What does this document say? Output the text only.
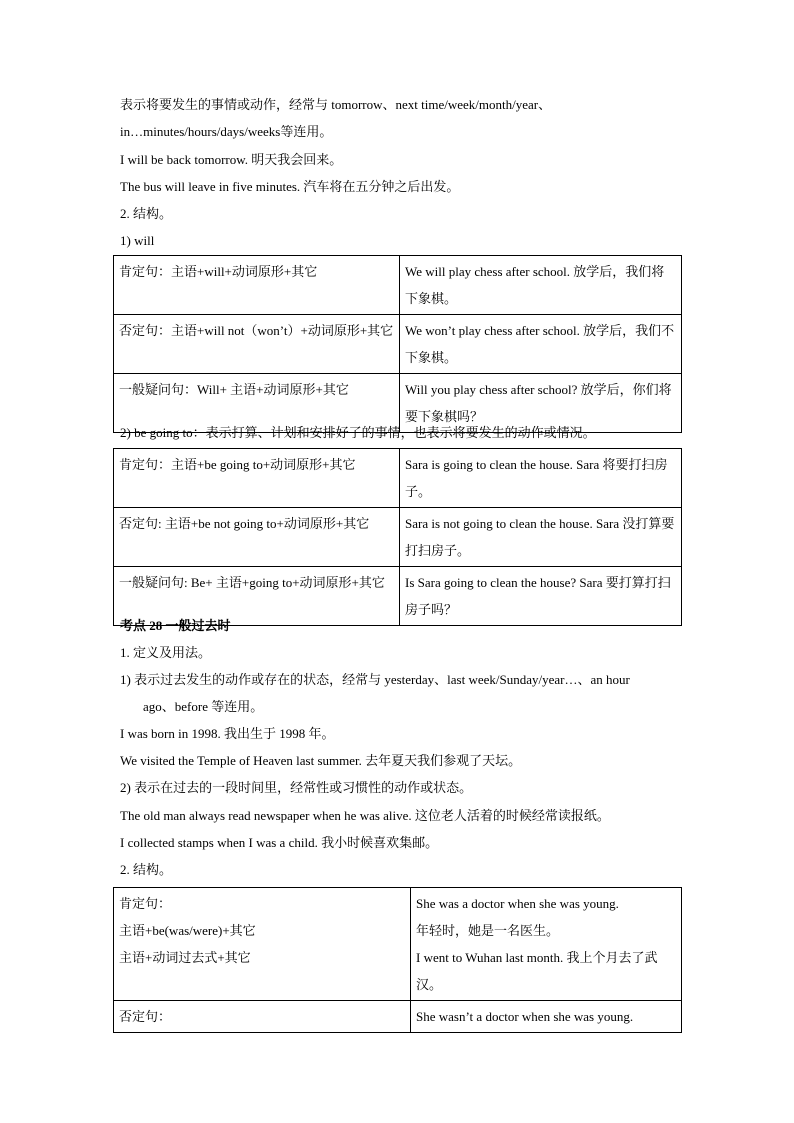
表示将要发生的事情或动作，经常与 tomorrow、next time/week/month/year、
in…minutes/hours/days/weeks等连用。
I will be back tomorrow. 明天我会回来。
The bus will leave in five minutes. 汽车将在五分钟之后出发。
2. 结构。
1) will
肯定句：主语+will+动词原形+其它	We will play chess after school. 放学后，我们将下象棋。
否定句：主语+will not（won’t）+动词原形+其它	We won’t play chess after school. 放学后，我们不下象棋。
一般疑问句：Will+ 主语+动词原形+其它	Will you play chess after school? 放学后，你们将要下象棋吗？
2) be going to：表示打算、计划和安排好了的事情，也表示将要发生的动作或情况。
肯定句：主语+be going to+动词原形+其它	Sara is going to clean the house. Sara 将要打扫房子。
否定句: 主语+be not going to+动词原形+其它	Sara is not going to clean the house. Sara 没打算要打扫房子。
一般疑问句: Be+ 主语+going to+动词原形+其它	Is Sara going to clean the house? Sara 要打算打扫房子吗？
考点 28 一般过去时
1. 定义及用法。
1) 表示过去发生的动作或存在的状态，经常与 yesterday、last week/Sunday/year…、an hour
ago、before 等连用。
I was born in 1998. 我出生于 1998 年。
We visited the Temple of Heaven last summer. 去年夏天我们参观了天坛。
2) 表示在过去的一段时间里，经常性或习惯性的动作或状态。
The old man always read newspaper when he was alive. 这位老人活着的时候经常读报纸。
I collected stamps when I was a child. 我小时候喜欢集邮。
2. 结构。
肯定句：
主语+be(was/were)+其它
主语+动词过去式+其它	She was a doctor when she was young.
年轻时，她是一名医生。
I went to Wuhan last month. 我上个月去了武汉。

否定句：	She wasn’t a doctor when she was young.
